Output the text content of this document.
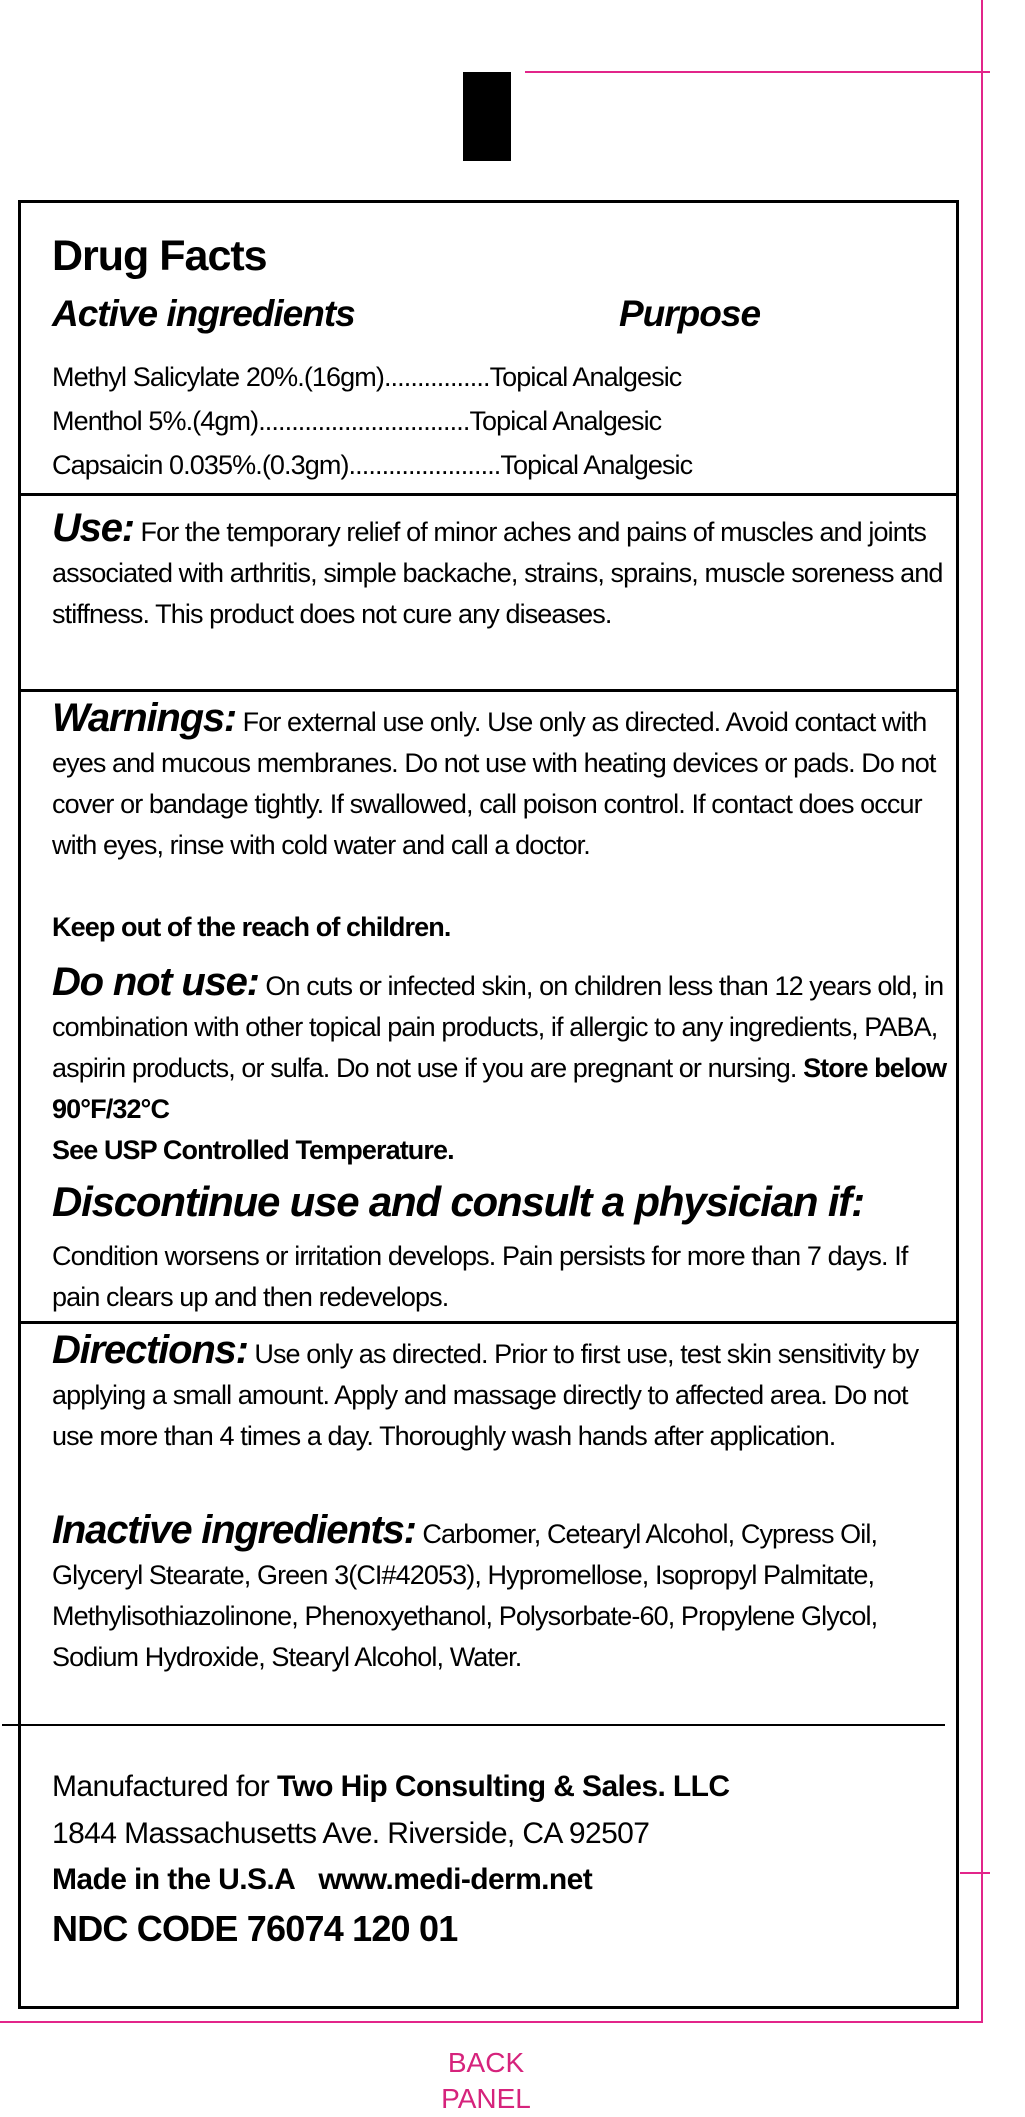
Drug Facts
Active ingredients	Purpose
Methyl Salicylate 20%.(16gm)................Topical Analgesic
Menthol 5%.(4gm)................................Topical Analgesic
Capsaicin 0.035%.(0.3gm).......................Topical Analgesic
Use: For the temporary relief of minor aches and pains of muscles and joints associated with arthritis, simple backache, strains, sprains, muscle soreness and stiffness. This product does not cure any diseases.
Warnings: For external use only. Use only as directed. Avoid contact with eyes and mucous membranes. Do not use with heating devices or pads. Do not cover or bandage tightly. If swallowed, call poison control. If contact does occur with eyes, rinse with cold water and call a doctor.
Keep out of the reach of children.
Do not use: On cuts or infected skin, on children less than 12 years old, in combination with other topical pain products, if allergic to any ingredients, PABA, aspirin products, or sulfa. Do not use if you are pregnant or nursing. Store below 90°F/32°C
See USP Controlled Temperature.
Discontinue use and consult a physician if:
Condition worsens or irritation develops. Pain persists for more than 7 days. If pain clears up and then redevelops.
Directions: Use only as directed. Prior to first use, test skin sensitivity by applying a small amount. Apply and massage directly to affected area. Do not use more than 4 times a day. Thoroughly wash hands after application.
Inactive ingredients: Carbomer, Cetearyl Alcohol, Cypress Oil, Glyceryl Stearate, Green 3(CI#42053), Hypromellose, Isopropyl Palmitate, Methylisothiazolinone, Phenoxyethanol, Polysorbate-60, Propylene Glycol, Sodium Hydroxide, Stearyl Alcohol, Water.
Manufactured for Two Hip Consulting & Sales. LLC
1844 Massachusetts Ave. Riverside, CA 92507
Made in the U.S.A www.medi-derm.net
NDC CODE 76074 120 01
BACK
PANEL
